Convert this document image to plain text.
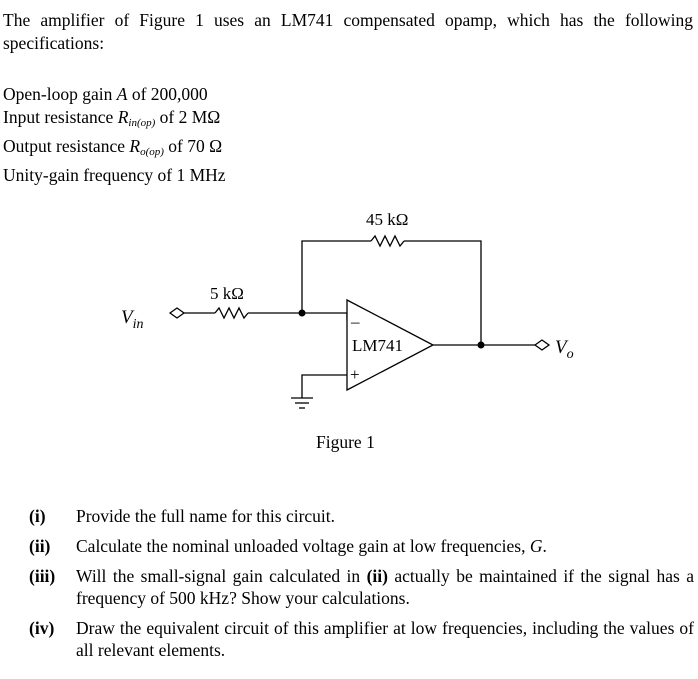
The amplifier of Figure 1 uses an LM741 compensated opamp, which has the following specifications:
Open-loop gain A of 200,000
Input resistance $R_{in(op)}$ of 2 MΩ
Output resistance $R_{o(op)}$ of 70 Ω
Unity-gain frequency of 1 MHz
45 kΩ
5 kΩ
LM741
–
+
$V_{in}$
$V_o$
Figure 1
(i)	Provide the full name for this circuit.
(ii)	Calculate the nominal unloaded voltage gain at low frequencies, G.
(iii)	Will the small-signal gain calculated in (ii) actually be maintained if the signal has a frequency of 500 kHz? Show your calculations.
(iv)	Draw the equivalent circuit of this amplifier at low frequencies, including the values of all relevant elements.
